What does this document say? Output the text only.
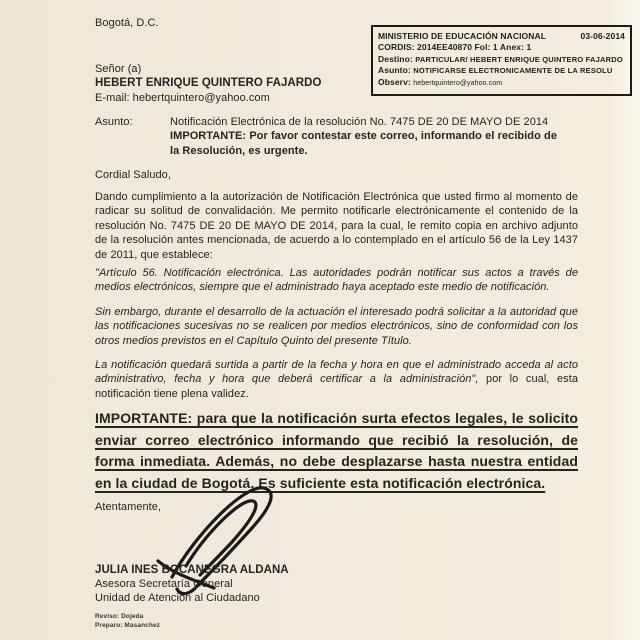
Bogotá, D.C.
MINISTERIO DE EDUCACIÓN NACIONAL	03-06-2014
CORDIS: 2014EE40870 Fol: 1 Anex: 1
Destino: PARTICULAR/ HEBERT ENRIQUE QUINTERO FAJARDO
Asunto: NOTIFICARSE ELECTRONICAMENTE DE LA RESOLU
Observ: hebertquintero@yahoo.com
Señor (a)
HEBERT ENRIQUE QUINTERO FAJARDO
E-mail: hebertquintero@yahoo.com
Asunto:	Notificación Electrónica de la resolución No. 7475 DE 20 DE MAYO DE 2014
IMPORTANTE: Por favor contestar este correo, informando el recibido de la Resolución, es urgente.
Cordial Saludo,
Dando cumplimiento a la autorización de Notificación Electrónica que usted firmo al momento de radicar su solitud de convalidación. Me permito notificarle electrónicamente el contenido de la resolución No. 7475 DE 20 DE MAYO DE 2014, para la cual, le remito copia en archivo adjunto de la resolución antes mencionada, de acuerdo a lo contemplado en el artículo 56 de la Ley 1437 de 2011, que establece:
"Artículo 56. Notificación electrónica. Las autoridades podrán notificar sus actos a través de medios electrónicos, siempre que el administrado haya aceptado este medio de notificación.
Sin embargo, durante el desarrollo de la actuación el interesado podrá solicitar a la autoridad que las notificaciones sucesivas no se realicen por medios electrónicos, sino de conformidad con los otros medios previstos en el Capítulo Quinto del presente Título.
La notificación quedará surtida a partir de la fecha y hora en que el administrado acceda al acto administrativo, fecha y hora que deberá certificar a la administración", por lo cual, esta notificación tiene plena validez.
IMPORTANTE: para que la notificación surta efectos legales, le solicito enviar correo electrónico informando que recibió la resolución, de forma inmediata. Además, no debe desplazarse hasta nuestra entidad en la ciudad de Bogotá. Es suficiente esta notificación electrónica.
Atentamente,
JULIA INES BOCANEGRA ALDANA
Asesora Secretaría General
Unidad de Atención al Ciudadano
Reviso: Dojeda
Preparo: Masanchez
